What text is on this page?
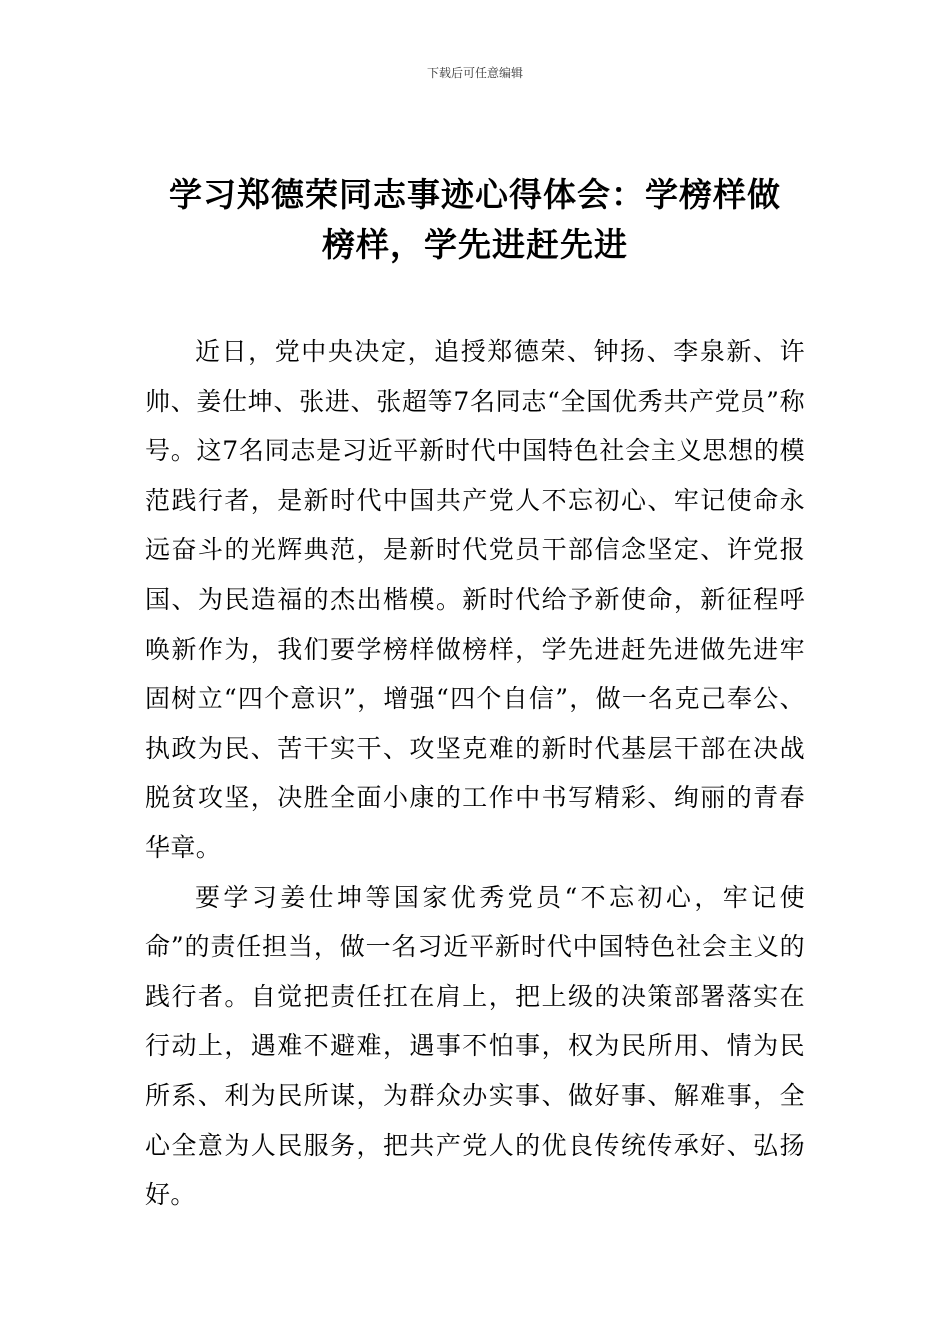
下载后可任意编辑
学习郑德荣同志事迹心得体会：学榜样做
榜样，学先进赶先进

近日，党中央决定，追授郑德荣、钟扬、李泉新、许帅、姜仕坤、张进、张超等7名同志“全国优秀共产党员”称号。这7名同志是习近平新时代中国特色社会主义思想的模范践行者，是新时代中国共产党人不忘初心、牢记使命永远奋斗的光辉典范，是新时代党员干部信念坚定、许党报国、为民造福的杰出楷模。新时代给予新使命，新征程呼唤新作为，我们要学榜样做榜样，学先进赶先进做先进牢固树立“四个意识”，增强“四个自信”，做一名克己奉公、执政为民、苦干实干、攻坚克难的新时代基层干部在决战脱贫攻坚，决胜全面小康的工作中书写精彩、绚丽的青春华章。

要学习姜仕坤等国家优秀党员“不忘初心，牢记使命”的责任担当，做一名习近平新时代中国特色社会主义的践行者。自觉把责任扛在肩上，把上级的决策部署落实在行动上，遇难不避难，遇事不怕事，权为民所用、情为民所系、利为民所谋，为群众办实事、做好事、解难事，全心全意为人民服务，把共产党人的优良传统传承好、弘扬好。
